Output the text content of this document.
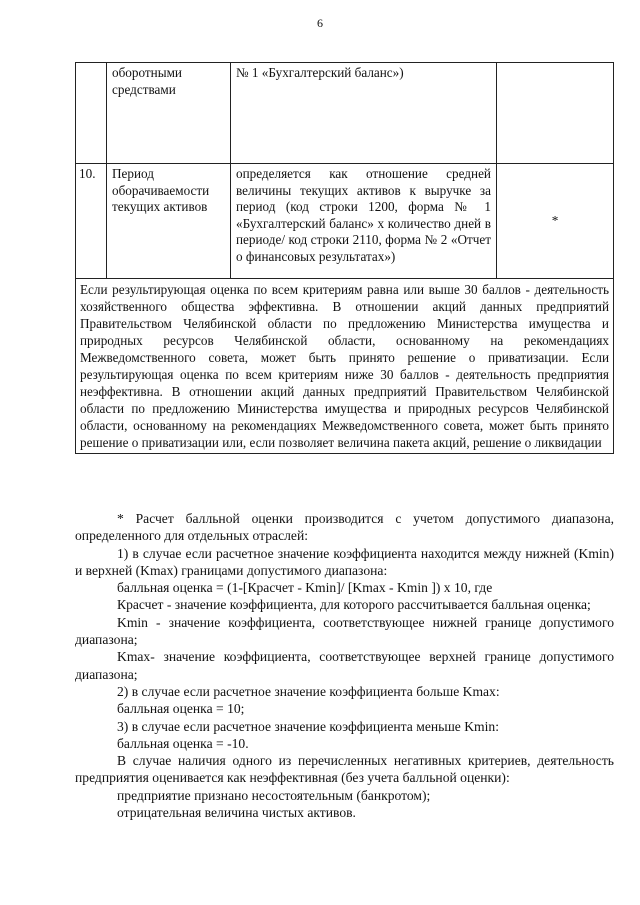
6
	оборотными средствами	№ 1 «Бухгалтерский баланс»)	
10.	Период оборачиваемости текущих активов	определяется как отношение средней величины текущих активов к выручке за период (код строки 1200, форма № 1 «Бухгалтерский баланс» х количество дней в периоде/ код строки 2110, форма № 2 «Отчет о финансовых результатах»)	*
Если результирующая оценка по всем критериям равна или выше 30 баллов - деятельность хозяйственного общества эффективна. В отношении акций данных предприятий Правительством Челябинской области по предложению Министерства имущества и природных ресурсов Челябинской области, основанному на рекомендациях Межведомственного совета, может быть принято решение о приватизации. Если результирующая оценка по всем критериям ниже 30 баллов - деятельность предприятия неэффективна. В отношении акций данных предприятий Правительством Челябинской области по предложению Министерства имущества и природных ресурсов Челябинской области, основанному на рекомендациях Межведомственного совета, может быть принято решение о приватизации или, если позволяет величина пакета акций, решение о ликвидации			

* Расчет балльной оценки производится с учетом допустимого диапазона, определенного для отдельных отраслей:

1) в случае если расчетное значение коэффициента находится между нижней (Kmin) и верхней (Kmax) границами допустимого диапазона:

балльная оценка = (1-[Красчет - Kmin]/ [Kmax - Kmin ]) х 10, где

Красчет - значение коэффициента, для которого рассчитывается балльная оценка;

Kmin - значение коэффициента, соответствующее нижней границе допустимого диапазона;

Kmax- значение коэффициента, соответствующее верхней границе допустимого диапазона;

2) в случае если расчетное значение коэффициента больше Kmax:

балльная оценка = 10;

3) в случае если расчетное значение коэффициента меньше Kmin:

балльная оценка = -10.

В случае наличия одного из перечисленных негативных критериев, деятельность предприятия оценивается как неэффективная (без учета балльной оценки):

предприятие признано несостоятельным (банкротом);

отрицательная величина чистых активов.
